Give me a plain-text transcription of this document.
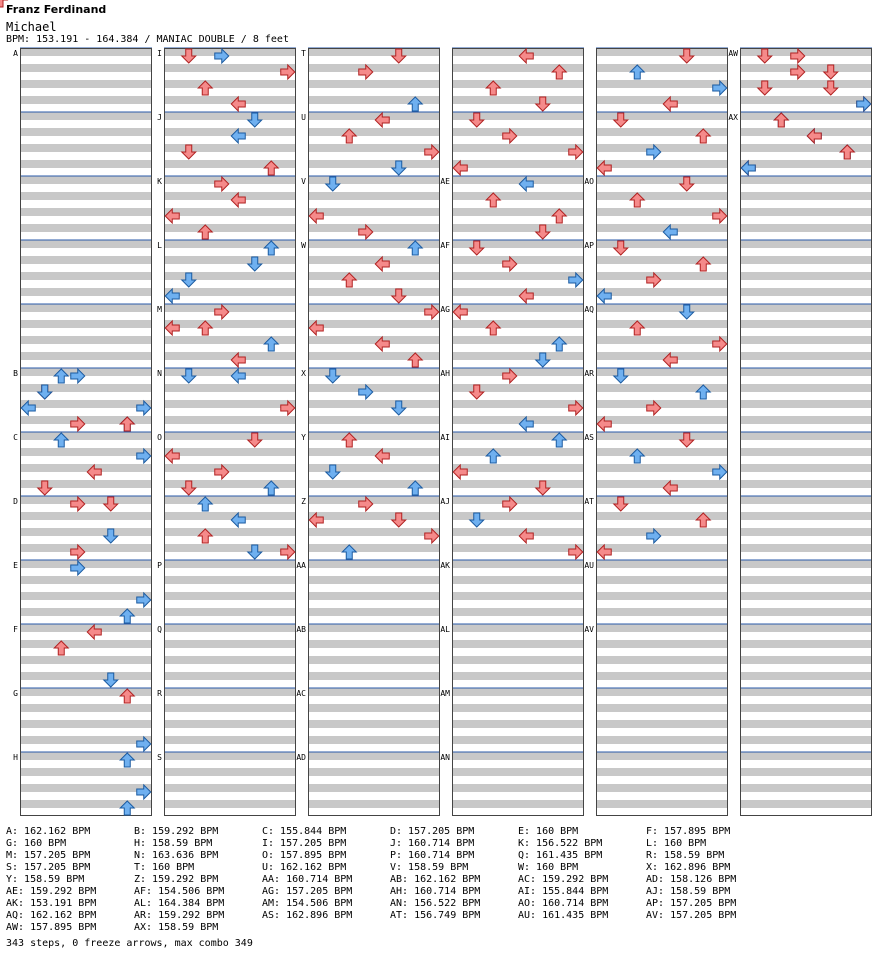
Franz Ferdinand
Michael
BPM: 153.191 - 164.384 / MANIAC DOUBLE / 8 feet
A
B
C
D
E
F
G
H
I
J
K
L
M
N
O
P
Q
R
S
T
U
V
W
X
Y
Z
AA
AB
AC
AD
AE
AF
AG
AH
AI
AJ
AK
AL
AM
AN
AO
AP
AQ
AR
AS
AT
AU
AV
AW
AX
A: 162.162 BPM	B: 159.292 BPM	C: 155.844 BPM	D: 157.205 BPM	E: 160 BPM	F: 157.895 BPM
G: 160 BPM	H: 158.59 BPM	I: 157.205 BPM	J: 160.714 BPM	K: 156.522 BPM	L: 160 BPM
M: 157.205 BPM	N: 163.636 BPM	O: 157.895 BPM	P: 160.714 BPM	Q: 161.435 BPM	R: 158.59 BPM
S: 157.205 BPM	T: 160 BPM	U: 162.162 BPM	V: 158.59 BPM	W: 160 BPM	X: 162.896 BPM
Y: 158.59 BPM	Z: 159.292 BPM	AA: 160.714 BPM	AB: 162.162 BPM	AC: 159.292 BPM	AD: 158.126 BPM
AE: 159.292 BPM	AF: 154.506 BPM	AG: 157.205 BPM	AH: 160.714 BPM	AI: 155.844 BPM	AJ: 158.59 BPM
AK: 153.191 BPM	AL: 164.384 BPM	AM: 154.506 BPM	AN: 156.522 BPM	AO: 160.714 BPM	AP: 157.205 BPM
AQ: 162.162 BPM	AR: 159.292 BPM	AS: 162.896 BPM	AT: 156.749 BPM	AU: 161.435 BPM	AV: 157.205 BPM
AW: 157.895 BPM	AX: 158.59 BPM
343 steps, 0 freeze arrows, max combo 349
